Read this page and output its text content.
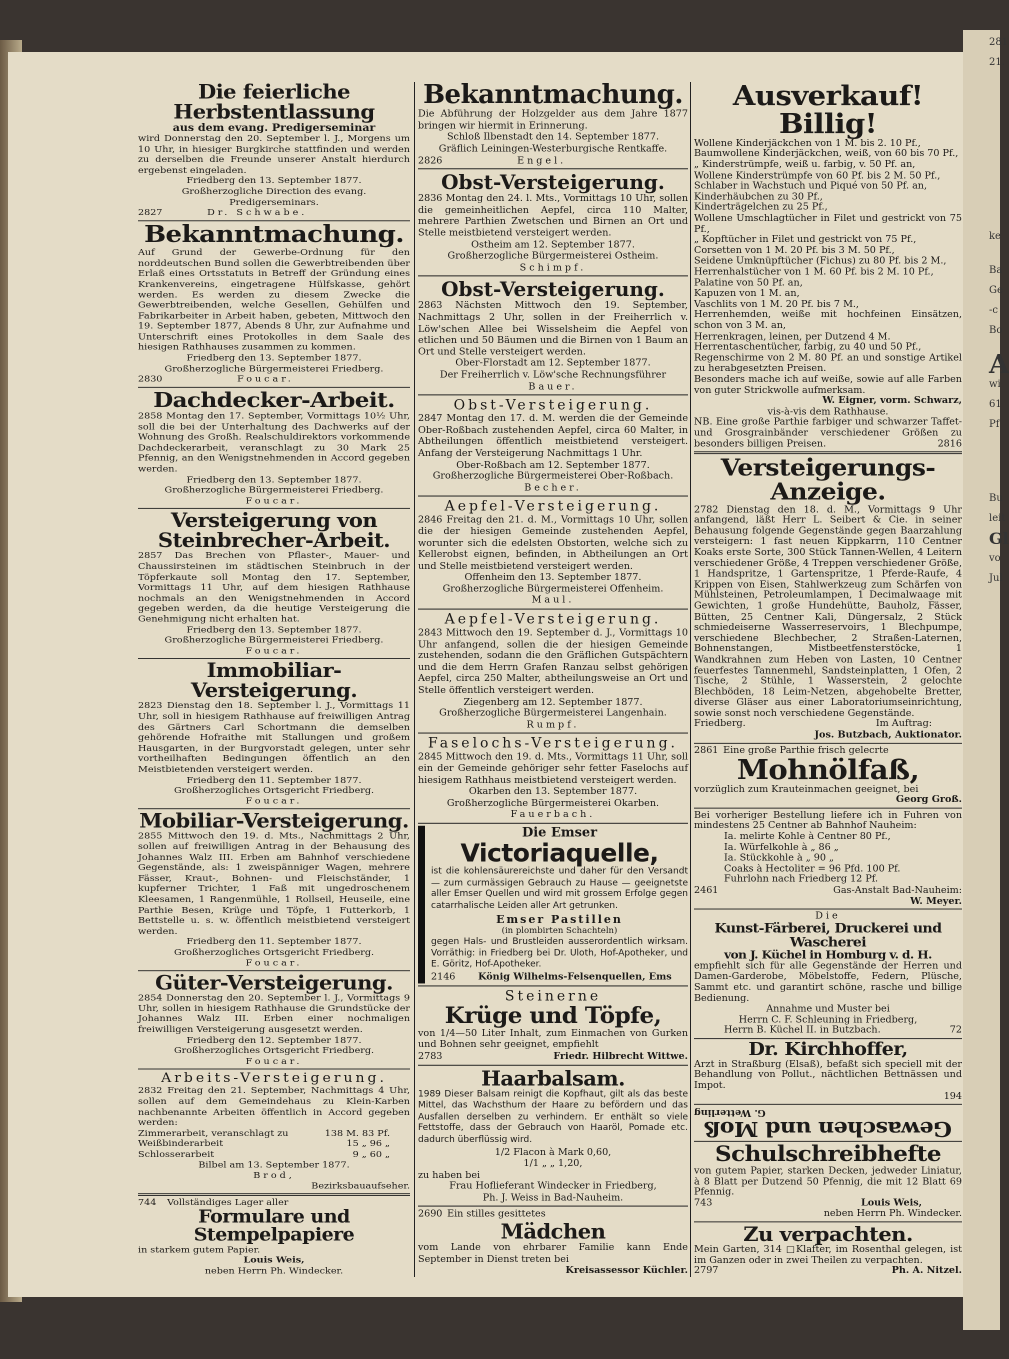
281
21.
ke
Ba
Ge
-c
Bo
A
wi
61
Pf
Bu
leit
Gl
vo
Jul
Die feierliche Herbstentlassung
aus dem evang. Predigerseminar
wird Donnerstag den 20. September l. J., Morgens um 10 Uhr, in hiesiger Burgkirche stattfinden und werden zu derselben die Freunde unserer Anstalt hierdurch ergebenst eingeladen.
Friedberg den 13. September 1877.
Großherzogliche Direction des evang. Predigerseminars.
2827	Dr. Schwabe.
Bekanntmachung.
Auf Grund der Gewerbe-Ordnung für den norddeutschen Bund sollen die Gewerbtreibenden über Erlaß eines Ortsstatuts in Betreff der Gründung eines Krankenvereins, eingetragene Hülfskasse, gehört werden. Es werden zu diesem Zwecke die Gewerbtreibenden, welche Gesellen, Gehülfen und Fabrikarbeiter in Arbeit haben, gebeten, Mittwoch den 19. September 1877, Abends 8 Uhr, zur Aufnahme und Unterschrift eines Protokolles in dem Saale des hiesigen Rathhauses zusammen zu kommen.
Friedberg den 13. September 1877.
Großherzogliche Bürgermeisterei Friedberg.
2830	Foucar.
Dachdecker-Arbeit.
2858 Montag den 17. September, Vormittags 10½ Uhr, soll die bei der Unterhaltung des Dachwerks auf der Wohnung des Großh. Realschuldirektors vorkommende Dachdeckerarbeit, veranschlagt zu 30 Mark 25 Pfennig, an den Wenigstnehmenden in Accord gegeben werden.
Friedberg den 13. September 1877.
Großherzogliche Bürgermeisterei Friedberg.
Foucar.
Versteigerung von Steinbrecher-Arbeit.
2857 Das Brechen von Pflaster-, Mauer- und Chaussirsteinen im städtischen Steinbruch in der Töpferkaute soll Montag den 17. September, Vormittags 11 Uhr, auf dem hiesigen Rathhause nochmals an den Wenigstnehmenden in Accord gegeben werden, da die heutige Versteigerung die Genehmigung nicht erhalten hat.
Friedberg den 13. September 1877.
Großherzogliche Bürgermeisterei Friedberg.
Foucar.
Immobiliar-Versteigerung.
2823 Dienstag den 18. September l. J., Vormittags 11 Uhr, soll in hiesigem Rathhause auf freiwilligen Antrag des Gärtners Carl Schortmann die demselben gehörende Hofraithe mit Stallungen und großem Hausgarten, in der Burgvorstadt gelegen, unter sehr vortheilhaften Bedingungen öffentlich an den Meistbietenden versteigert werden.
Friedberg den 11. September 1877.
Großherzogliches Ortsgericht Friedberg.
Foucar.
Mobiliar-Versteigerung.
2855 Mittwoch den 19. d. Mts., Nachmittags 2 Uhr, sollen auf freiwilligen Antrag in der Behausung des Johannes Walz III. Erben am Bahnhof verschiedene Gegenstände, als: 1 zweispänniger Wagen, mehrere Fässer, Kraut-, Bohnen- und Fleischständer, 1 kupferner Trichter, 1 Faß mit ungedroschenem Kleesamen, 1 Rangenmühle, 1 Rollseil, Heuseile, eine Parthie Besen, Krüge und Töpfe, 1 Futterkorb, 1 Bettstelle u. s. w. öffentlich meistbietend versteigert werden.
Friedberg den 11. September 1877.
Großherzogliches Ortsgericht Friedberg.
Foucar.
Güter-Versteigerung.
2854 Donnerstag den 20. September l. J., Vormittags 9 Uhr, sollen in hiesigem Rathhause die Grundstücke der Johannes Walz III. Erben einer nochmaligen freiwilligen Versteigerung ausgesetzt werden.
Friedberg den 12. September 1877.
Großherzogliches Ortsgericht Friedberg.
Foucar.
Arbeits-Versteigerung.
2832 Freitag den 21. September, Nachmittags 4 Uhr, sollen auf dem Gemeindehaus zu Klein-Karben nachbenannte Arbeiten öffentlich in Accord gegeben werden:
Zimmerarbeit, veranschlagt zu	138 M. 83 Pf.
Weißbinderarbeit	15 „ 96 „
Schlosserarbeit	9 „ 60 „
Bilbel am 13. September 1877.
Brod,
Bezirksbauaufseher.
744 Vollständiges Lager aller
Formulare und Stempelpapiere
in starkem gutem Papier.
Louis Weis,
neben Herrn Ph. Windecker.
Bekanntmachung.
Die Abführung der Holzgelder aus dem Jahre 1877 bringen wir hiermit in Erinnerung.
Schloß Ilbenstadt den 14. September 1877.
Gräflich Leiningen-Westerburgische Rentkaffe.
2826	Engel.
Obst-Versteigerung.
2836 Montag den 24. l. Mts., Vormittags 10 Uhr, sollen die gemeinheitlichen Aepfel, circa 110 Malter, mehrere Parthien Zwetschen und Birnen an Ort und Stelle meistbietend versteigert werden.
Ostheim am 12. September 1877.
Großherzogliche Bürgermeisterei Ostheim.
Schimpf.
Obst-Versteigerung.
2863 Nächsten Mittwoch den 19. September, Nachmittags 2 Uhr, sollen in der Freiherrlich v. Löw'schen Allee bei Wisselsheim die Aepfel von etlichen und 50 Bäumen und die Birnen von 1 Baum an Ort und Stelle versteigert werden.
Ober-Florstadt am 12. September 1877.
Der Freiherrlich v. Löw'sche Rechnungsführer
Bauer.
Obst-Versteigerung.
2847 Montag den 17. d. M. werden die der Gemeinde Ober-Roßbach zustehenden Aepfel, circa 60 Malter, in Abtheilungen öffentlich meistbietend versteigert. Anfang der Versteigerung Nachmittags 1 Uhr.
Ober-Roßbach am 12. September 1877.
Großherzogliche Bürgermeisterei Ober-Roßbach.
Becher.
Aepfel-Versteigerung.
2846 Freitag den 21. d. M., Vormittags 10 Uhr, sollen die der hiesigen Gemeinde zustehenden Aepfel, worunter sich die edelsten Obstorten, welche sich zu Kellerobst eignen, befinden, in Abtheilungen an Ort und Stelle meistbietend versteigert werden.
Offenheim den 13. September 1877.
Großherzogliche Bürgermeisterei Offenheim.
Maul.
Aepfel-Versteigerung.
2843 Mittwoch den 19. September d. J., Vormittags 10 Uhr anfangend, sollen die der hiesigen Gemeinde zustehenden, sodann die den Gräflichen Gutspächtern und die dem Herrn Grafen Ranzau selbst gehörigen Aepfel, circa 250 Malter, abtheilungsweise an Ort und Stelle öffentlich versteigert werden.
Ziegenberg am 12. September 1877.
Großherzogliche Bürgermeisterei Langenhain.
Rumpf.
Faselochs-Versteigerung.
2845 Mittwoch den 19. d. Mts., Vormittags 11 Uhr, soll ein der Gemeinde gehöriger sehr fetter Faselochs auf hiesigem Rathhaus meistbietend versteigert werden.
Okarben den 13. September 1877.
Großherzogliche Bürgermeisterei Okarben.
Fauerbach.
Die Emser
Victoriaquelle,
ist die kohlensäurereichste und daher für den Versandt — zum curmässigen Gebrauch zu Hause — geeignetste aller Emser Quellen und wird mit grossem Erfolge gegen catarrhalische Leiden aller Art getrunken.
Emser Pastillen
(in plombirten Schachteln)
gegen Hals- und Brustleiden ausserordentlich wirksam. Vorräthig: in Friedberg bei Dr. Uloth, Hof-Apotheker, und E. Göritz, Hof-Apotheker.
2146 König Wilhelms-Felsenquellen, Ems
Steinerne
Krüge und Töpfe,
von 1/4—50 Liter Inhalt, zum Einmachen von Gurken und Bohnen sehr geeignet, empfiehlt
2783	Friedr. Hilbrecht Wittwe.
Haarbalsam.
1989 Dieser Balsam reinigt die Kopfhaut, gilt als das beste Mittel, das Wachsthum der Haare zu befördern und das Ausfallen derselben zu verhindern. Er enthält so viele Fettstoffe, dass der Gebrauch von Haaröl, Pomade etc. dadurch überflüssig wird.
1/2 Flacon à Mark 0,60,
1/1 „ „ 1,20,
zu haben bei
Frau Hoflieferant Windecker in Friedberg,
Ph. J. Weiss in Bad-Nauheim.
2690 Ein stilles gesittetes
Mädchen
vom Lande von ehrbarer Familie kann Ende September in Dienst treten bei
Kreisassessor Küchler.
Ausverkauf! Billig!

Wollene Kinderjäckchen von 1 M. bis 2. 10 Pf.,

Baumwollene Kinderjäckchen, weiß, von 60 bis 70 Pf.,

„ Kinderstrümpfe, weiß u. farbig, v. 50 Pf. an,

Wollene Kinderstrümpfe von 60 Pf. bis 2 M. 50 Pf.,

Schlaber in Wachstuch und Piqué von 50 Pf. an,

Kinderhäubchen zu 30 Pf.,

Kinderträgelchen zu 25 Pf.,

Wollene Umschlagtücher in Filet und gestrickt von 75 Pf.,

„ Kopftücher in Filet und gestrickt von 75 Pf.,

Corsetten von 1 M. 20 Pf. bis 3 M. 50 Pf.,

Seidene Umknüpftücher (Fichus) zu 80 Pf. bis 2 M.,

Herrenhalstücher von 1 M. 60 Pf. bis 2 M. 10 Pf.,

Palatine von 50 Pf. an,

Kapuzen von 1 M. an,

Vaschlits von 1 M. 20 Pf. bis 7 M.,

Herrenhemden, weiße mit hochfeinen Einsätzen, schon von 3 M. an,

Herrenkragen, leinen, per Dutzend 4 M.

Herrentaschentücher, farbig, zu 40 und 50 Pf.,

Regenschirme von 2 M. 80 Pf. an und sonstige Artikel zu herabgesetzten Preisen.

Besonders mache ich auf weiße, sowie auf alle Farben von guter Strickwolle aufmerksam.

W. Eigner, vorm. Schwarz,
vis-à-vis dem Rathhause.
NB. Eine große Parthie farbiger und schwarzer Taffet- und Grosgrainbänder verschiedener Größen zu besonders billigen Preisen.	2816
Versteigerungs-Anzeige.
2782 Dienstag den 18. d. M., Vormittags 9 Uhr anfangend, läßt Herr L. Seibert & Cie. in seiner Behausung folgende Gegenstände gegen Baarzahlung versteigern: 1 fast neuen Kippkarrn, 110 Centner Koaks erste Sorte, 300 Stück Tannen-Wellen, 4 Leitern verschiedener Größe, 4 Treppen verschiedener Größe, 1 Handspritze, 1 Gartenspritze, 1 Pferde-Raufe, 4 Krippen von Eisen, Stahlwerkzeug zum Schärfen von Mühlsteinen, Petroleumlampen, 1 Decimalwaage mit Gewichten, 1 große Hundehütte, Bauholz, Fässer, Bütten, 25 Centner Kali, Düngersalz, 2 Stück schmiedeiserne Wasserreservoirs, 1 Blechpumpe, verschiedene Blechbecher, 2 Straßen-Laternen, Bohnenstangen, Mistbeetfensterstöcke, 1 Wandkrahnen zum Heben von Lasten, 10 Centner feuerfestes Tannenmehl, Sandsteinplatten, 1 Ofen, 2 Tische, 2 Stühle, 1 Wasserstein, 2 gelochte Blechböden, 18 Leim-Netzen, abgehobelte Bretter, diverse Gläser aus einer Laboratoriumseinrichtung, sowie sonst noch verschiedene Gegenstände.
Friedberg.	Im Auftrag:
Jos. Butzbach, Auktionator.
2861 Eine große Parthie frisch gelecrte
Mohnölfaß,
vorzüglich zum Krauteinmachen geeignet, bei
Georg Groß.
Bei vorheriger Bestellung liefere ich in Fuhren von mindestens 25 Centner ab Bahnhof Nauheim:
Ia. melirte Kohle à Centner 80 Pf.,
Ia. Würfelkohle à „ 86 „
Ia. Stückkohle à „ 90 „
Coaks à Hectoliter = 96 Pfd. 100 Pf.
Fuhrlohn nach Friedberg 12 Pf.
2461	Gas-Anstalt Bad-Nauheim:
W. Meyer.
Die
Kunst-Färberei, Druckerei und Wascherei
von J. Küchel in Homburg v. d. H.
empfiehlt sich für alle Gegenstände der Herren und Damen-Garderobe, Möbelstoffe, Federn, Plüsche, Sammt etc. und garantirt schöne, rasche und billige Bedienung.
Annahme und Muster bei
Herrn C. F. Schleuning in Friedberg,
Herrn B. Küchel II. in Butzbach.	72
Dr. Kirchhoffer,
Arzt in Straßburg (Elsaß), befaßt sich speciell mit der Behandlung von Pollut., nächtlichen Bettnässen und Impot.
194
Gewaschen und Moß
G. Wetterling
Schulschreibhefte
von gutem Papier, starken Decken, jedweder Liniatur, à 8 Blatt per Dutzend 50 Pfennig, die mit 12 Blatt 69 Pfennig.
743	Louis Weis,
neben Herrn Ph. Windecker.
Zu verpachten.
Mein Garten, 314 □Klafter, im Rosenthal gelegen, ist im Ganzen oder in zwei Theilen zu verpachten.
2797	Ph. A. Nitzel.
